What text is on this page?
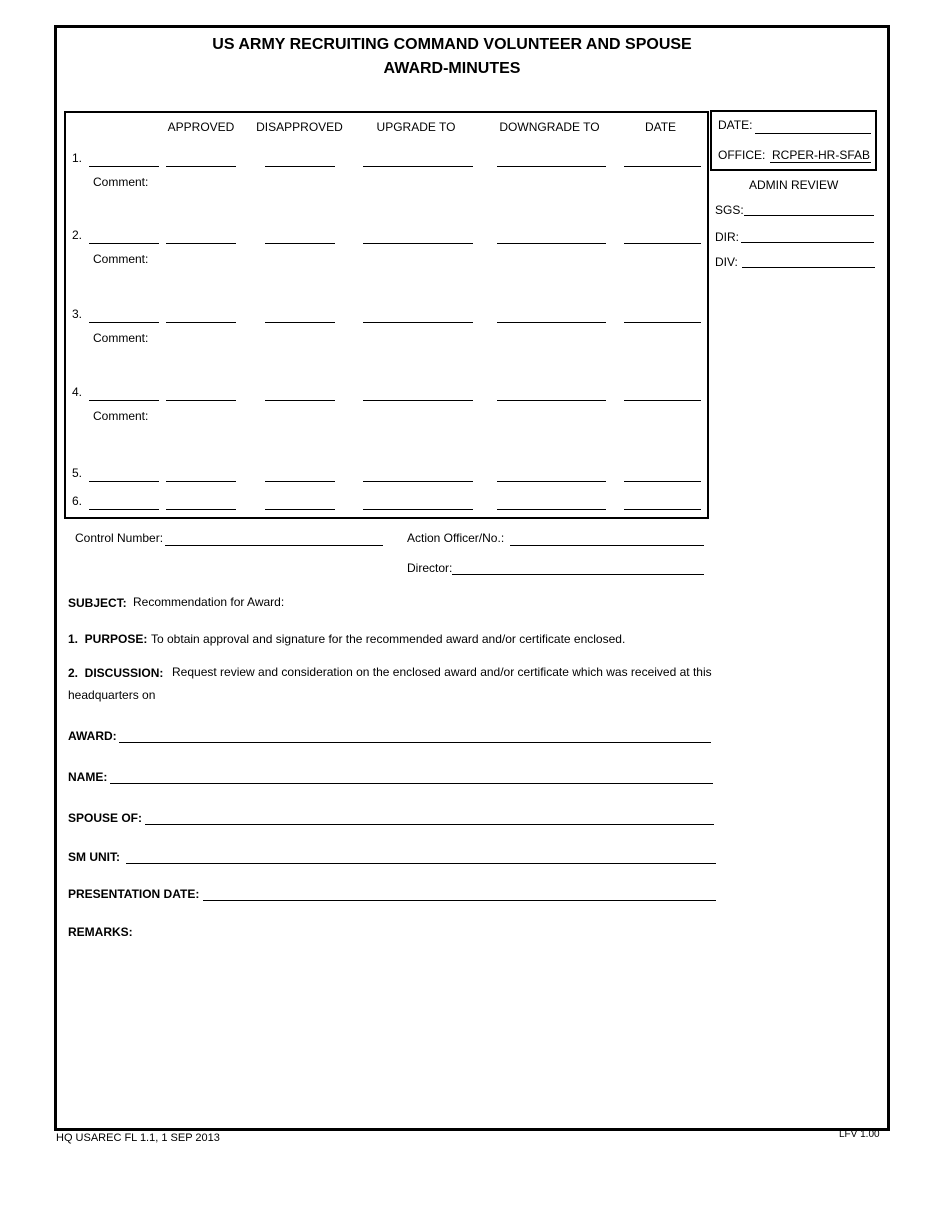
US ARMY RECRUITING COMMAND VOLUNTEER AND SPOUSE
AWARD-MINUTES
APPROVED	DISAPPROVED	UPGRADE TO	DOWNGRADE TO	DATE
1.
Comment:
2.
Comment:
3.
Comment:
4.
Comment:
5.
6.
DATE:
OFFICE: RCPER-HR-SFAB
ADMIN REVIEW
SGS:
DIR:
DIV:
Control Number:	Action Officer/No.:
Director:
SUBJECT: Recommendation for Award:
1.  PURPOSE: To obtain approval and signature for the recommended award and/or certificate enclosed.
2.  DISCUSSION: Request review and consideration on the enclosed award and/or certificate which was received at this
headquarters on
AWARD:
NAME:
SPOUSE OF:
SM UNIT:
PRESENTATION DATE:
REMARKS:
HQ USAREC FL 1.1, 1 SEP 2013	LFV 1.00
